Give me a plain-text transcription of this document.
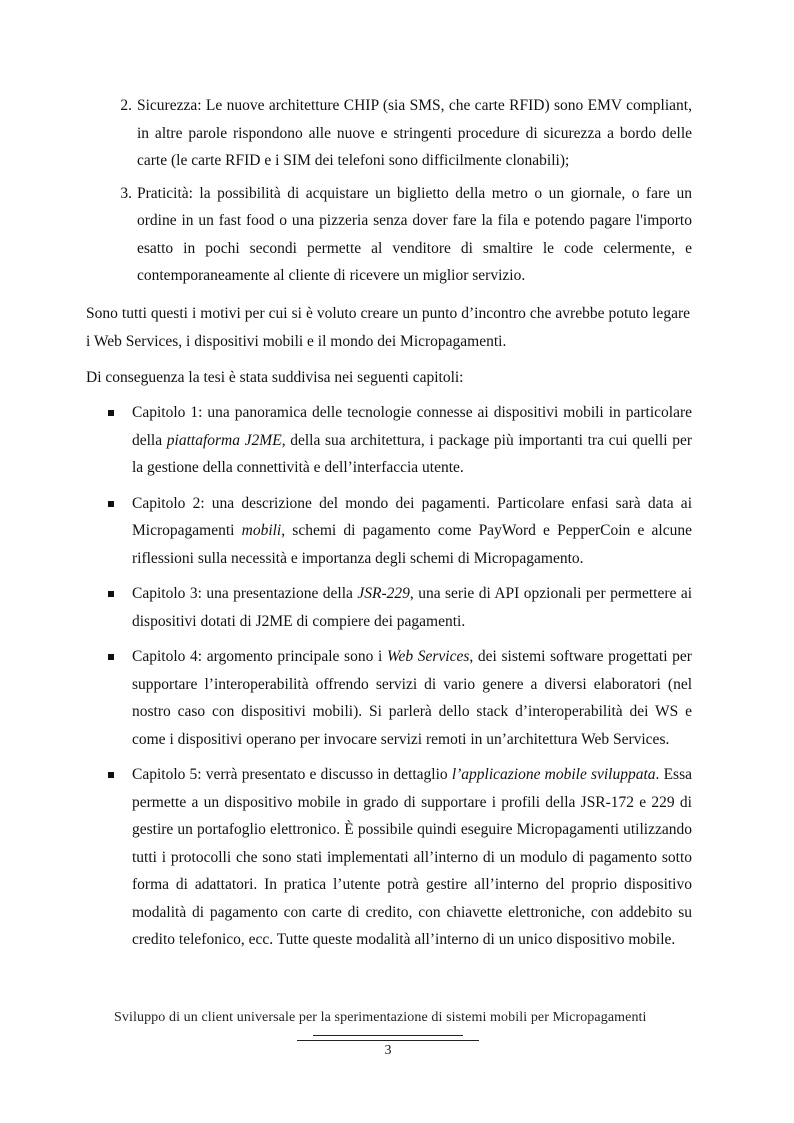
2. Sicurezza: Le nuove architetture CHIP (sia SMS, che carte RFID) sono EMV compliant, in altre parole rispondono alle nuove e stringenti procedure di sicurezza a bordo delle carte (le carte RFID e i SIM dei telefoni sono difficilmente clonabili);
3. Praticità: la possibilità di acquistare un biglietto della metro o un giornale, o fare un ordine in un fast food o una pizzeria senza dover fare la fila e potendo pagare l'importo esatto in pochi secondi permette al venditore di smaltire le code celermente, e contemporaneamente al cliente di ricevere un miglior servizio.

Sono tutti questi i motivi per cui si è voluto creare un punto d’incontro che avrebbe potuto legare i Web Services, i dispositivi mobili e il mondo dei Micropagamenti.

Di conseguenza la tesi è stata suddivisa nei seguenti capitoli:

Capitolo 1: una panoramica delle tecnologie connesse ai dispositivi mobili in particolare della piattaforma J2ME, della sua architettura, i package più importanti tra cui quelli per la gestione della connettività e dell’interfaccia utente.
Capitolo 2: una descrizione del mondo dei pagamenti. Particolare enfasi sarà data ai Micropagamenti mobili, schemi di pagamento come PayWord e PepperCoin e alcune riflessioni sulla necessità e importanza degli schemi di Micropagamento.
Capitolo 3: una presentazione della JSR-229, una serie di API opzionali per permettere ai dispositivi dotati di J2ME di compiere dei pagamenti.
Capitolo 4: argomento principale sono i Web Services, dei sistemi software progettati per supportare l’interoperabilità offrendo servizi di vario genere a diversi elaboratori (nel nostro caso con dispositivi mobili). Si parlerà dello stack d’interoperabilità dei WS e come i dispositivi operano per invocare servizi remoti in un’architettura Web Services.
Capitolo 5: verrà presentato e discusso in dettaglio l’applicazione mobile sviluppata. Essa permette a un dispositivo mobile in grado di supportare i profili della JSR-172 e 229 di gestire un portafoglio elettronico. È possibile quindi eseguire Micropagamenti utilizzando tutti i protocolli che sono stati implementati all’interno di un modulo di pagamento sotto forma di adattatori. In pratica l’utente potrà gestire all’interno del proprio dispositivo modalità di pagamento con carte di credito, con chiavette elettroniche, con addebito su credito telefonico, ecc. Tutte queste modalità all’interno di un unico dispositivo mobile.
Sviluppo di un client universale per la sperimentazione di sistemi mobili per Micropagamenti
3
